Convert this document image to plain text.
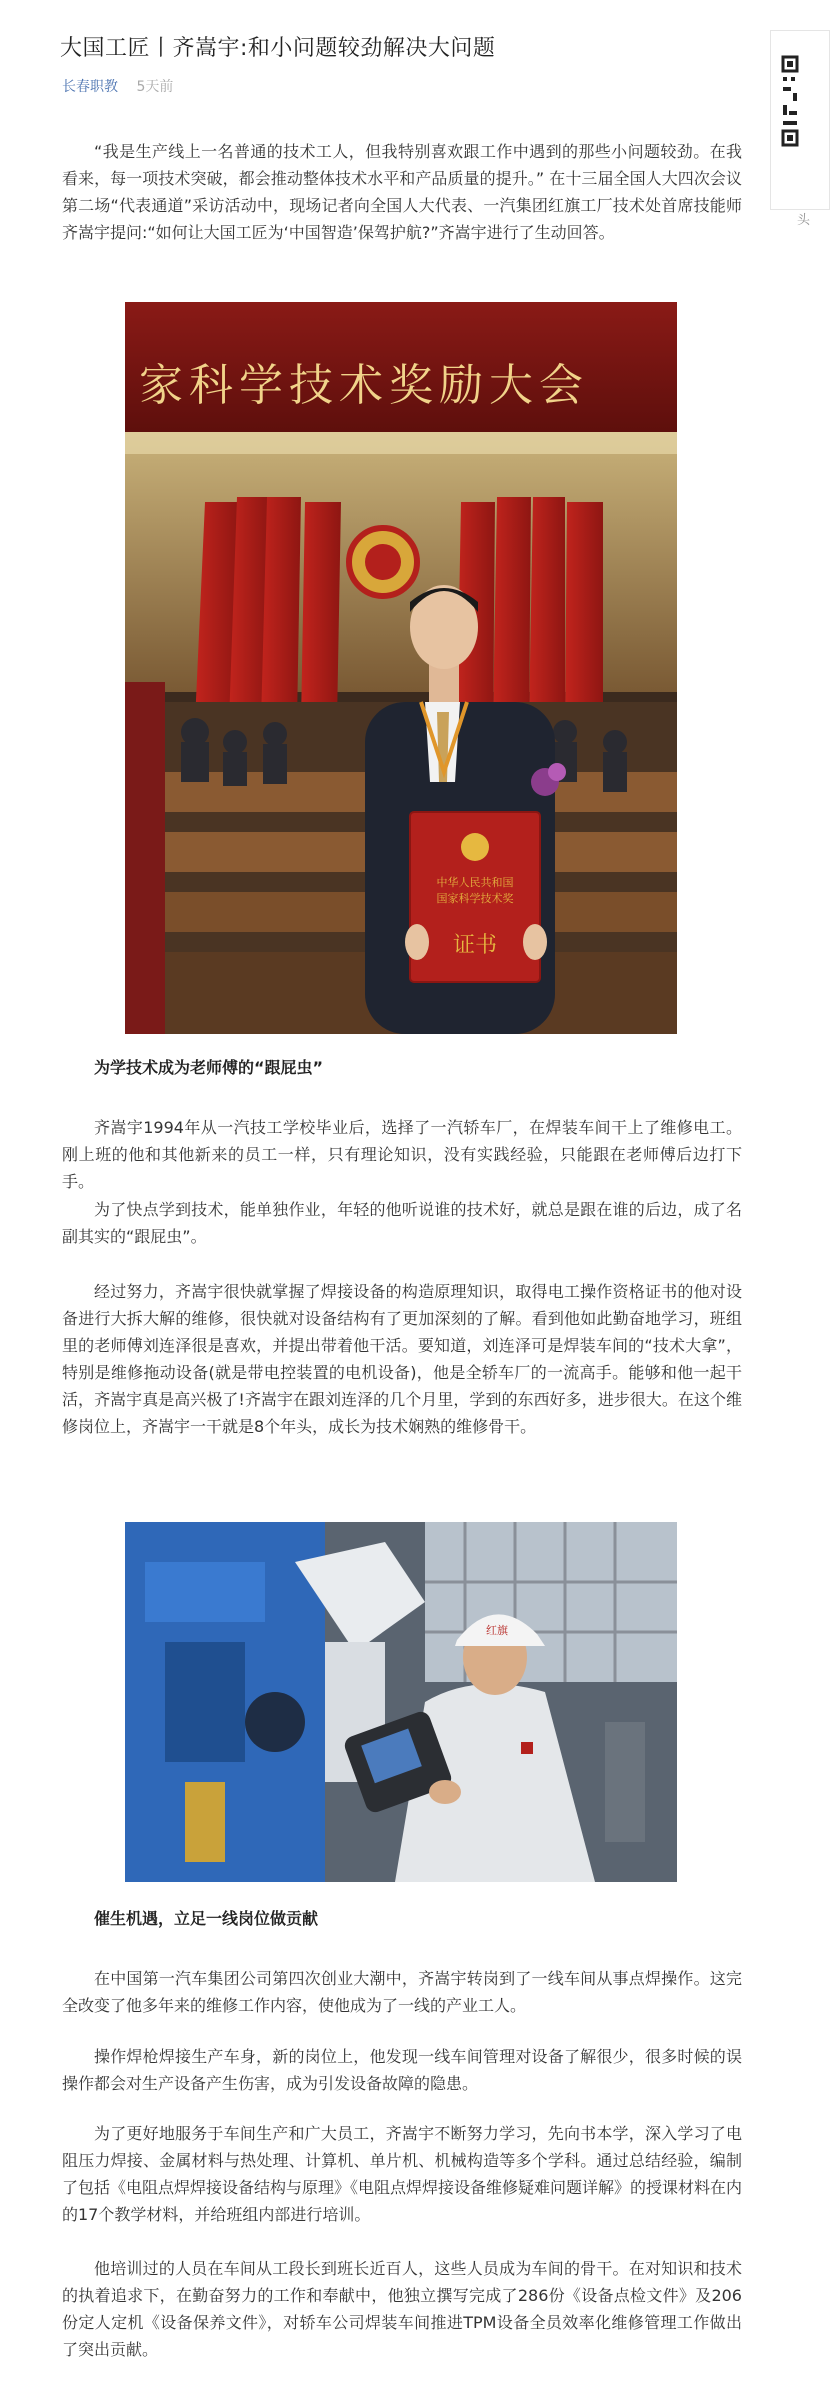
大国工匠丨齐嵩宇:和小问题较劲解决大问题
长春职教 5天前
头

“我是生产线上一名普通的技术工人，但我特别喜欢跟工作中遇到的那些小问题较劲。在我看来，每一项技术突破，都会推动整体技术水平和产品质量的提升。” 在十三届全国人大四次会议第二场“代表通道”采访活动中，现场记者向全国人大代表、一汽集团红旗工厂技术处首席技能师齐嵩宇提问:“如何让大国工匠为‘中国智造’保驾护航?”齐嵩宇进行了生动回答。

家科学技术奖励大会
中华人民共和国
国家科学技术奖
证书

为学技术成为老师傅的“跟屁虫”

齐嵩宇1994年从一汽技工学校毕业后，选择了一汽轿车厂，在焊装车间干上了维修电工。刚上班的他和其他新来的员工一样，只有理论知识，没有实践经验，只能跟在老师傅后边打下手。

为了快点学到技术，能单独作业，年轻的他听说谁的技术好，就总是跟在谁的后边，成了名副其实的“跟屁虫”。

经过努力，齐嵩宇很快就掌握了焊接设备的构造原理知识，取得电工操作资格证书的他对设备进行大拆大解的维修，很快就对设备结构有了更加深刻的了解。看到他如此勤奋地学习，班组里的老师傅刘连泽很是喜欢，并提出带着他干活。要知道，刘连泽可是焊装车间的“技术大拿”，特别是维修拖动设备(就是带电控装置的电机设备)，他是全轿车厂的一流高手。能够和他一起干活，齐嵩宇真是高兴极了!齐嵩宇在跟刘连泽的几个月里，学到的东西好多，进步很大。在这个维修岗位上，齐嵩宇一干就是8个年头，成长为技术娴熟的维修骨干。

红旗

催生机遇，立足一线岗位做贡献

在中国第一汽车集团公司第四次创业大潮中，齐嵩宇转岗到了一线车间从事点焊操作。这完全改变了他多年来的维修工作内容，使他成为了一线的产业工人。

操作焊枪焊接生产车身，新的岗位上，他发现一线车间管理对设备了解很少，很多时候的误操作都会对生产设备产生伤害，成为引发设备故障的隐患。

为了更好地服务于车间生产和广大员工，齐嵩宇不断努力学习，先向书本学，深入学习了电阻压力焊接、金属材料与热处理、计算机、单片机、机械构造等多个学科。通过总结经验，编制了包括《电阻点焊焊接设备结构与原理》《电阻点焊焊接设备维修疑难问题详解》的授课材料在内的17个教学材料，并给班组内部进行培训。

他培训过的人员在车间从工段长到班长近百人，这些人员成为车间的骨干。在对知识和技术的执着追求下，在勤奋努力的工作和奉献中，他独立撰写完成了286份《设备点检文件》及206份定人定机《设备保养文件》，对轿车公司焊装车间推进TPM设备全员效率化维修管理工作做出了突出贡献。
